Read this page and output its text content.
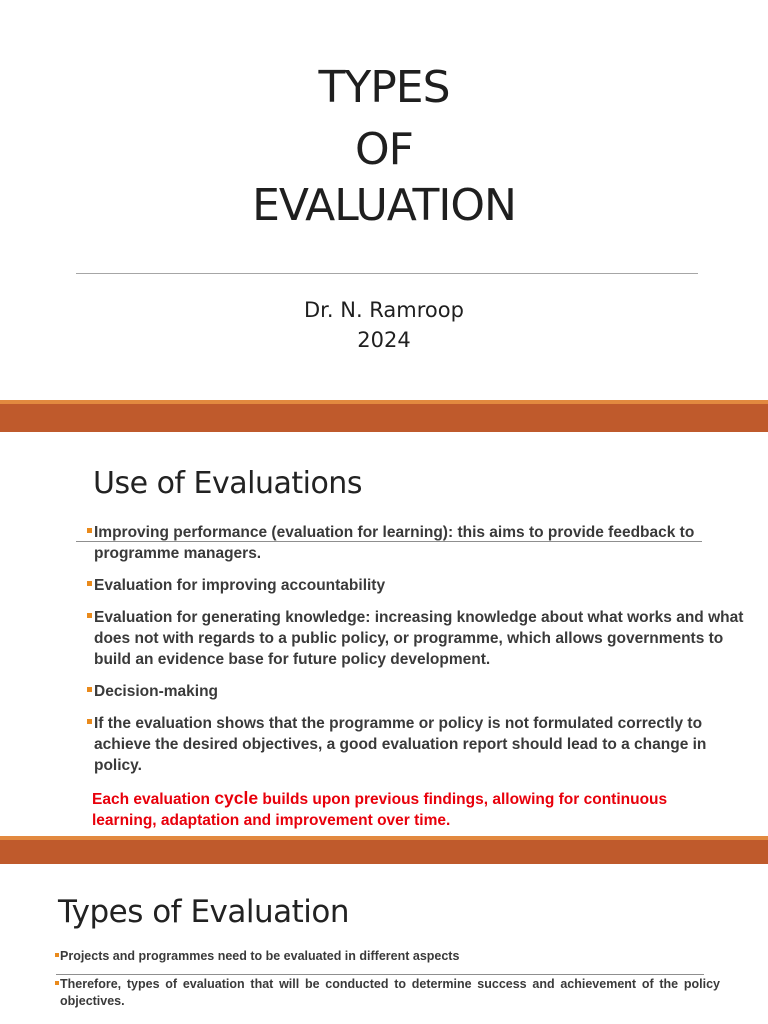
TYPES
OF
EVALUATION
Dr. N. Ramroop
2024
Use of Evaluations
Improving performance (evaluation for learning): this aims to provide feedback to programme managers.
Evaluation for improving accountability
Evaluation for generating knowledge: increasing knowledge about what works and what does not with regards to a public policy, or programme, which allows governments to build an evidence base for future policy development.
Decision-making
If the evaluation shows that the programme or policy is not formulated correctly to achieve the desired objectives, a good evaluation report should lead to a change in policy.
Each evaluation cycle builds upon previous findings, allowing for continuous learning, adaptation and improvement over time.
Types of Evaluation
Projects and programmes need to be evaluated in different aspects
Therefore, types of evaluation that will be conducted to determine success and achievement of the policy objectives.
